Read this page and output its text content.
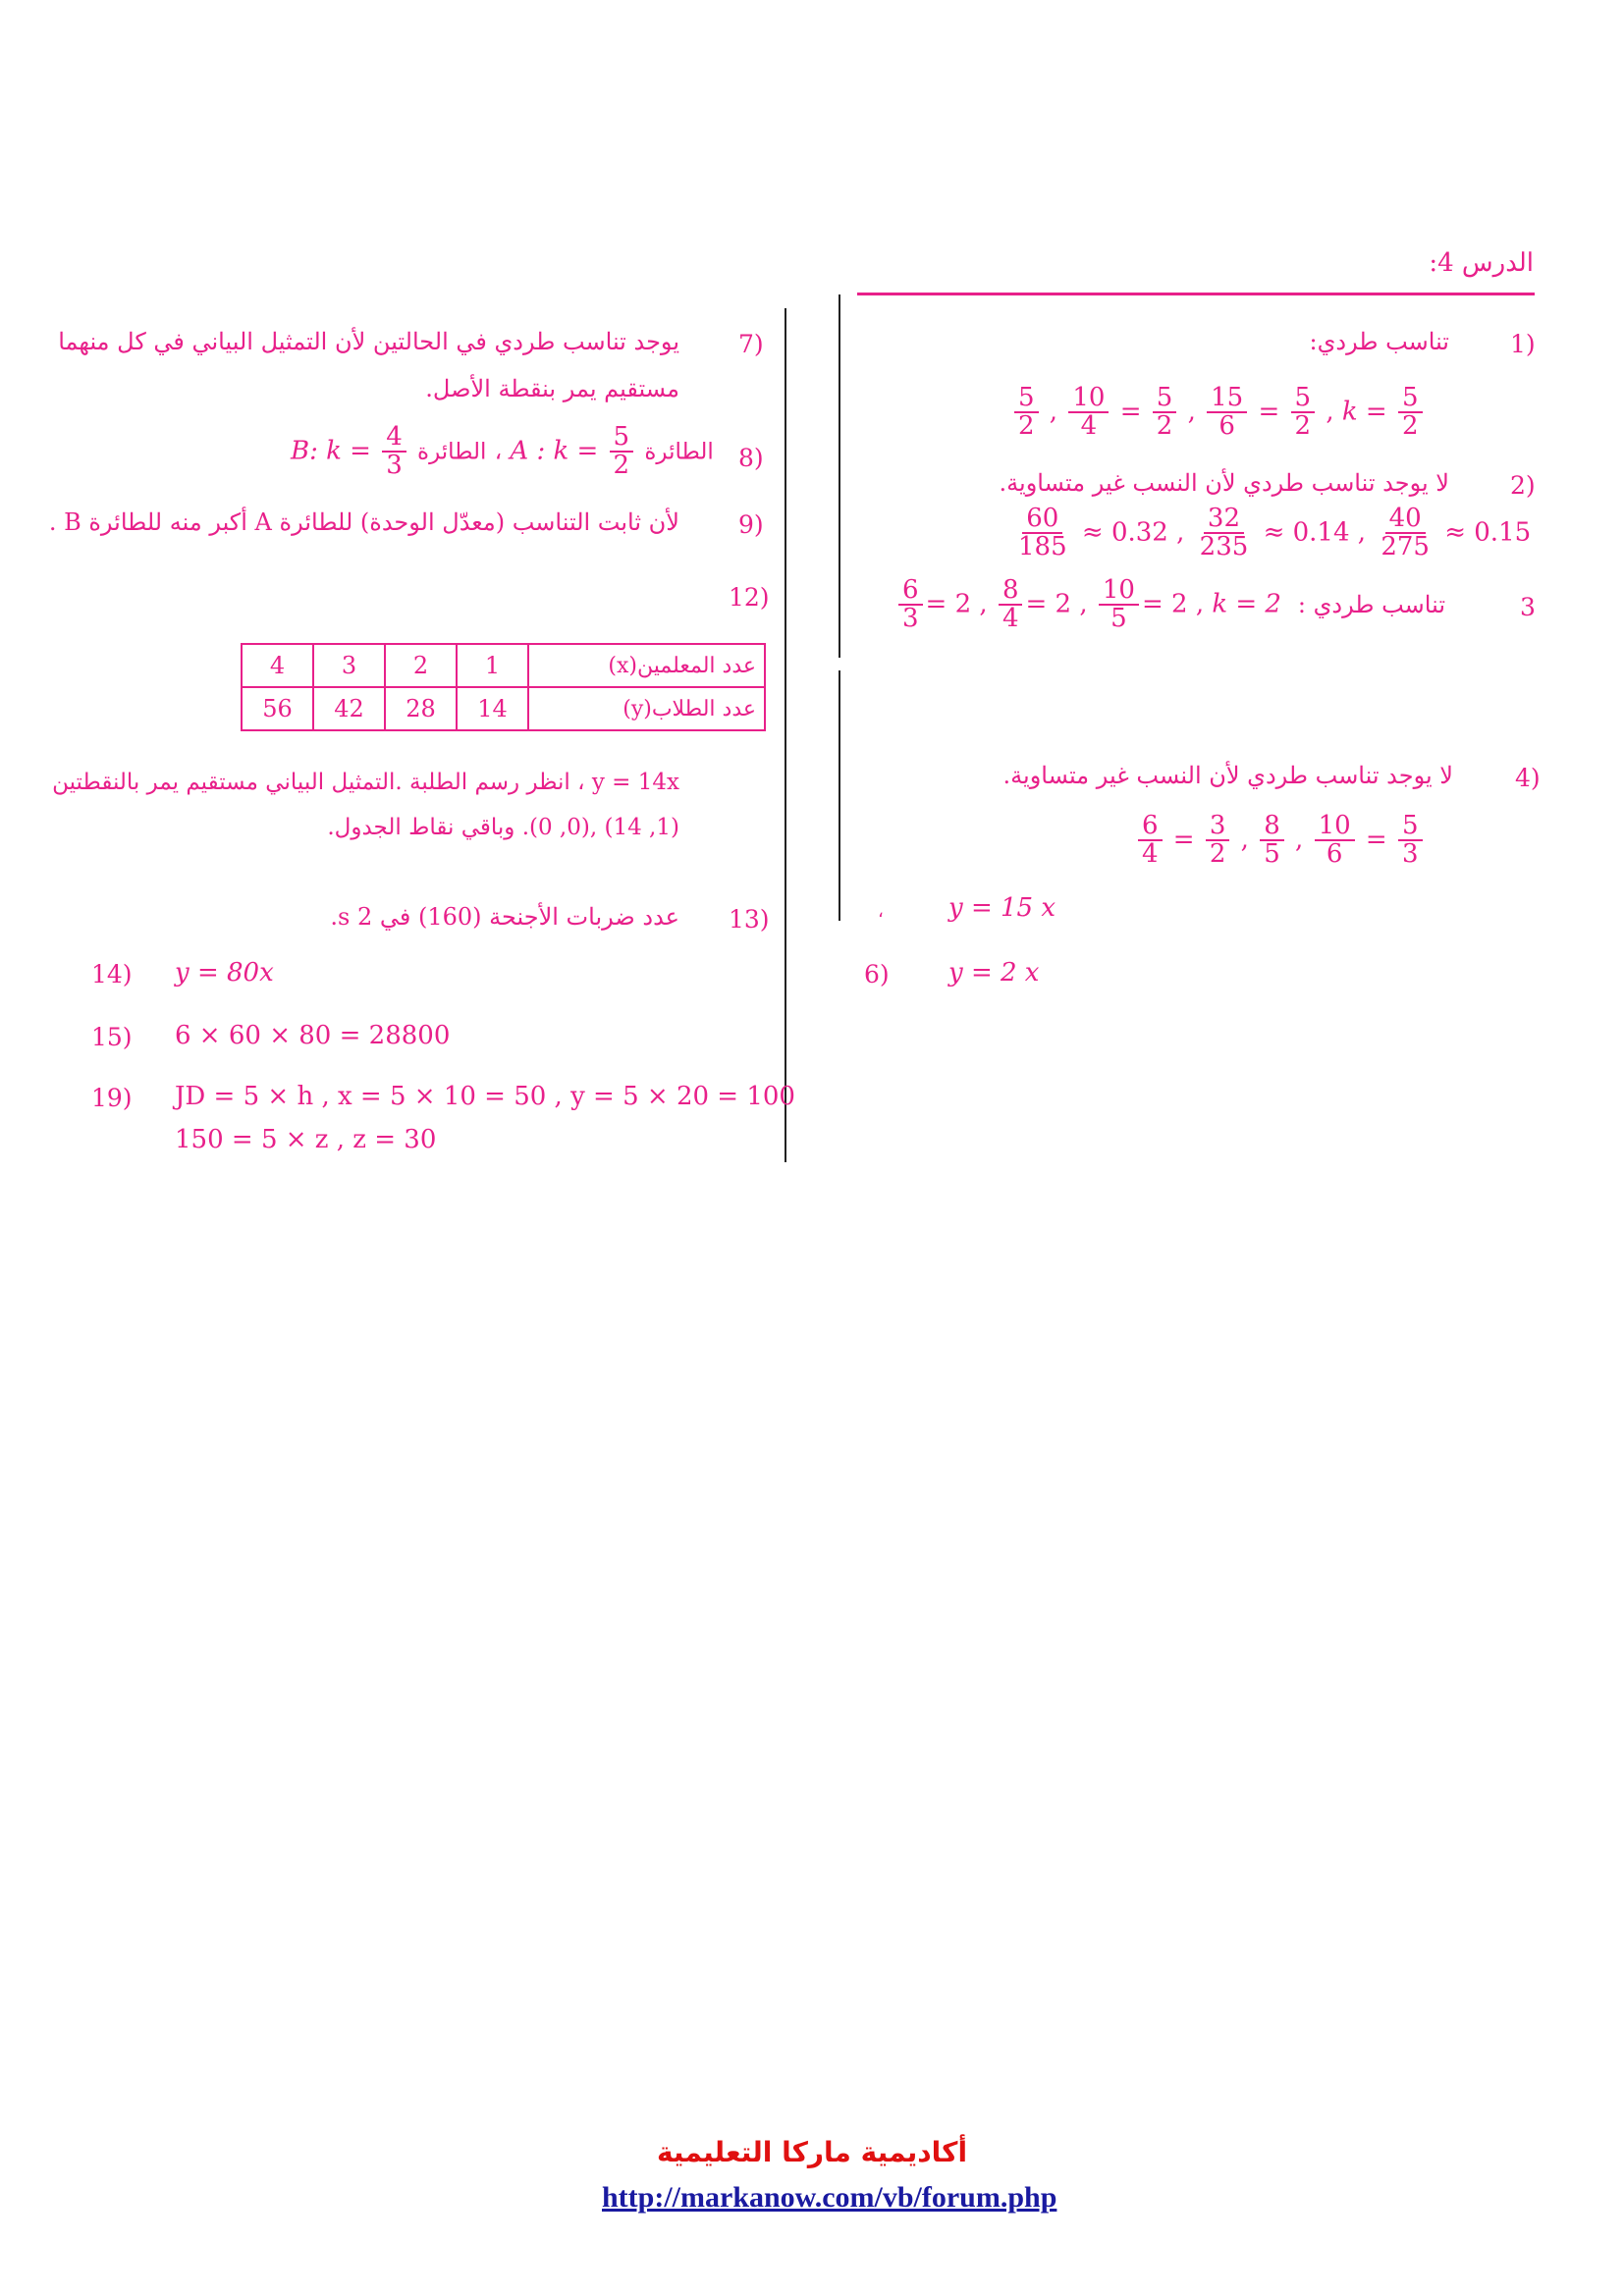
الدرس 4:
1)
تناسب طردي:
$\frac{5}{2}$ , $\frac{10}{4} = \frac{5}{2}$ , $\frac{15}{6} = \frac{5}{2}$ , $k = \frac{5}{2}$
2)
لا يوجد تناسب طردي لأن النسب غير متساوية.
$\frac{60}{185} \approx 0.32$ , $\frac{32}{235} \approx 0.14$ , $\frac{40}{275} \approx 0.15$
3
تناسب طردي :
$\frac{6}{3} = 2$ , $\frac{8}{4} = 2$ , $\frac{10}{5} = 2$ , k = 2
4)
لا يوجد تناسب طردي لأن النسب غير متساوية.
$\frac{6}{4} = \frac{3}{2}$ , $\frac{8}{5}$ , $\frac{10}{6} = \frac{5}{3}$
،	y = 15 x
6) y = 2 x
7)
يوجد تناسب طردي في الحالتين لأن التمثيل البياني في كل منهما
مستقيم يمر بنقطة الأصل.
8)
B: $k = \frac{4}{3}$ الطائرة ، A : $k = \frac{5}{2}$ الطائرة
9)
لأن ثابت التناسب (معدّل الوحدة) للطائرة A أكبر منه للطائرة B .
12)
4	3	2	1	عدد المعلمين(x)
56	42	28	14	عدد الطلاب(y)
y = 14x ، انظر رسم الطلبة .التمثيل البياني مستقيم يمر بالنقطتين
(1, 14) ,(0, 0). وباقي نقاط الجدول.
13)
عدد ضربات الأجنحة (160) في 2 s.
14) y = 80x
15) 6 × 60 × 80 = 28800
19) JD = 5 × h , x = 5 × 10 = 50 , y = 5 × 20 = 100
150 = 5 × z , z = 30
أكاديمية ماركا التعليمية
http://markanow.com/vb/forum.php
